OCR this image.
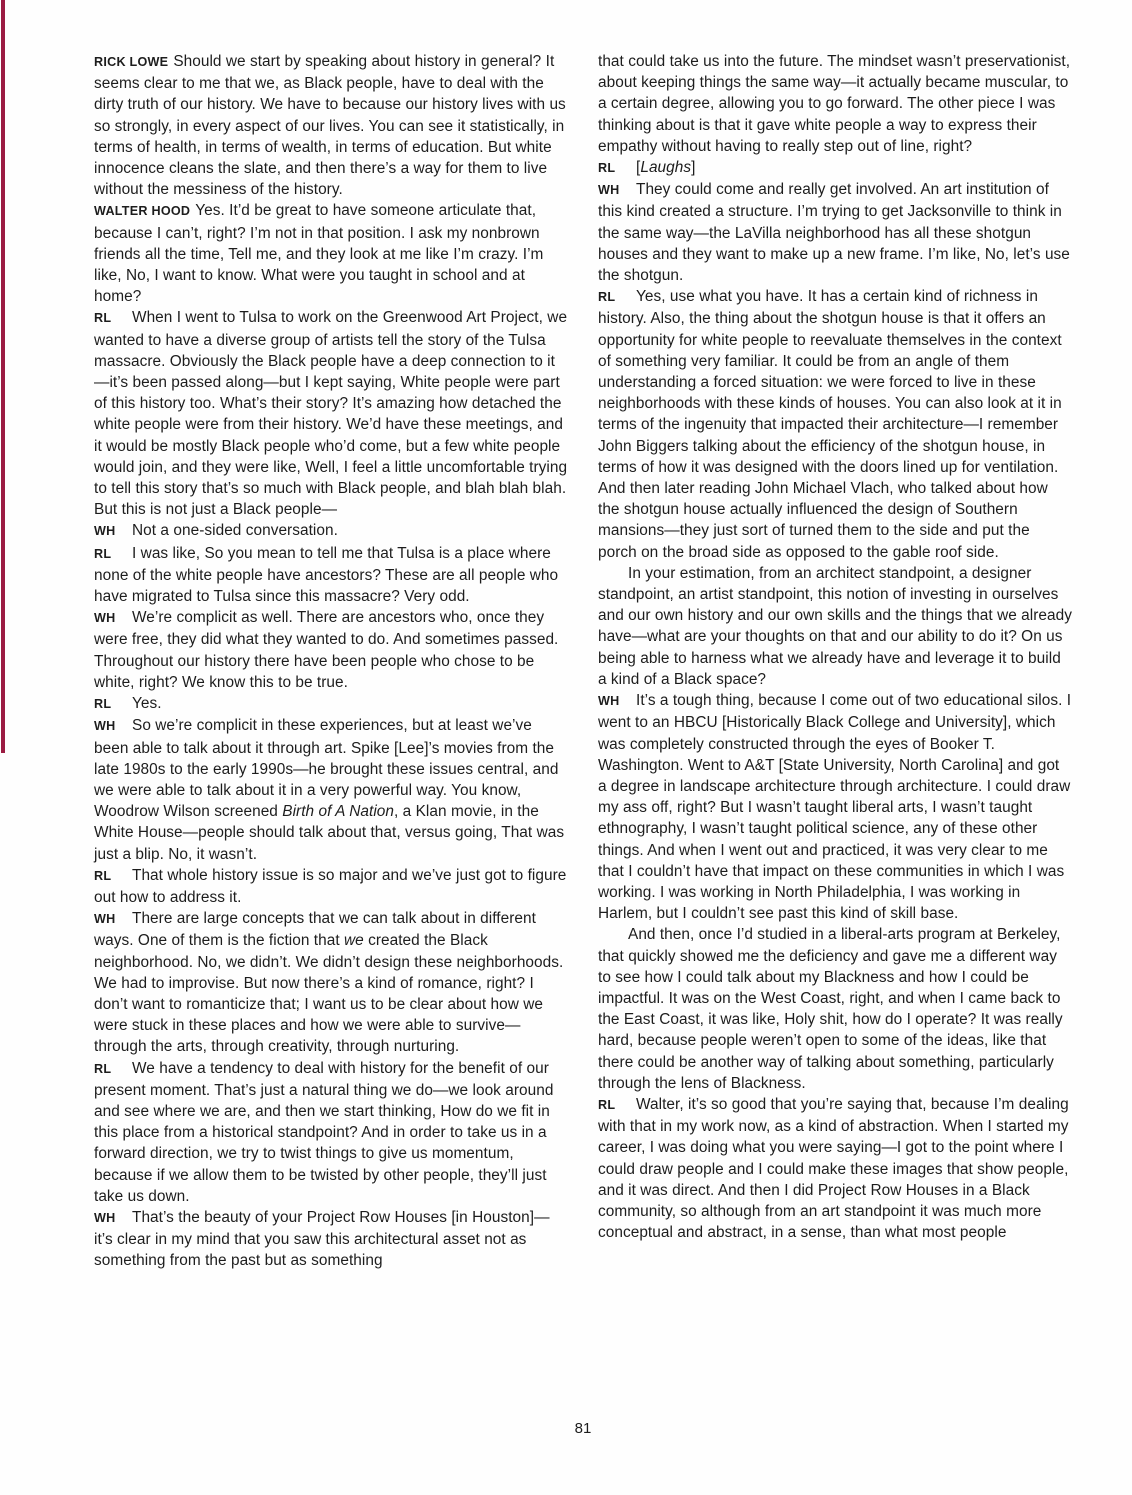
RICK LOWE Should we start by speaking about history in general? It seems clear to me that we, as Black people, have to deal with the dirty truth of our history. We have to because our history lives with us so strongly, in every aspect of our lives. You can see it statistically, in terms of health, in terms of wealth, in terms of education. But white innocence cleans the slate, and then there’s a way for them to live without the messiness of the history.

WALTER HOOD Yes. It’d be great to have someone articulate that, because I can’t, right? I’m not in that position. I ask my nonbrown friends all the time, Tell me, and they look at me like I’m crazy. I’m like, No, I want to know. What were you taught in school and at home?

RL When I went to Tulsa to work on the Greenwood Art Project, we wanted to have a diverse group of artists tell the story of the Tulsa massacre. Obviously the Black people have a deep connection to it—it’s been passed along—but I kept saying, White people were part of this history too. What’s their story? It’s amazing how detached the white people were from their history. We’d have these meetings, and it would be mostly Black people who’d come, but a few white people would join, and they were like, Well, I feel a little uncomfortable trying to tell this story that’s so much with Black people, and blah blah blah. But this is not just a Black people—

WH Not a one-sided conversation.

RL I was like, So you mean to tell me that Tulsa is a place where none of the white people have ancestors? These are all people who have migrated to Tulsa since this massacre? Very odd.

WH We’re complicit as well. There are ancestors who, once they were free, they did what they wanted to do. And sometimes passed. Throughout our history there have been people who chose to be white, right? We know this to be true.

RL Yes.

WH So we’re complicit in these experiences, but at least we’ve been able to talk about it through art. Spike [Lee]’s movies from the late 1980s to the early 1990s—he brought these issues central, and we were able to talk about it in a very powerful way. You know, Woodrow Wilson screened Birth of A Nation, a Klan movie, in the White House—people should talk about that, versus going, That was just a blip. No, it wasn’t.

RL That whole history issue is so major and we’ve just got to figure out how to address it.

WH There are large concepts that we can talk about in different ways. One of them is the fiction that we created the Black neighborhood. No, we didn’t. We didn’t design these neighborhoods. We had to improvise. But now there’s a kind of romance, right? I don’t want to romanticize that; I want us to be clear about how we were stuck in these places and how we were able to survive—through the arts, through creativity, through nurturing.

RL We have a tendency to deal with history for the benefit of our present moment. That’s just a natural thing we do—we look around and see where we are, and then we start thinking, How do we fit in this place from a historical standpoint? And in order to take us in a forward direction, we try to twist things to give us momentum, because if we allow them to be twisted by other people, they’ll just take us down.

WH That’s the beauty of your Project Row Houses [in Houston]—it’s clear in my mind that you saw this architectural asset not as something from the past but as something

that could take us into the future. The mindset wasn’t preservationist, about keeping things the same way—it actually became muscular, to a certain degree, allowing you to go forward. The other piece I was thinking about is that it gave white people a way to express their empathy without having to really step out of line, right?

RL [Laughs]

WH They could come and really get involved. An art institution of this kind created a structure. I’m trying to get Jacksonville to think in the same way—the LaVilla neighborhood has all these shotgun houses and they want to make up a new frame. I’m like, No, let’s use the shotgun.

RL Yes, use what you have. It has a certain kind of richness in history. Also, the thing about the shotgun house is that it offers an opportunity for white people to reevaluate themselves in the context of something very familiar. It could be from an angle of them understanding a forced situation: we were forced to live in these neighborhoods with these kinds of houses. You can also look at it in terms of the ingenuity that impacted their architecture—I remember John Biggers talking about the efficiency of the shotgun house, in terms of how it was designed with the doors lined up for ventilation. And then later reading John Michael Vlach, who talked about how the shotgun house actually influenced the design of Southern mansions—they just sort of turned them to the side and put the porch on the broad side as opposed to the gable roof side.

In your estimation, from an architect standpoint, a designer standpoint, an artist standpoint, this notion of investing in ourselves and our own history and our own skills and the things that we already have—what are your thoughts on that and our ability to do it? On us being able to harness what we already have and leverage it to build a kind of a Black space?

WH It’s a tough thing, because I come out of two educational silos. I went to an HBCU [Historically Black College and University], which was completely constructed through the eyes of Booker T. Washington. Went to A&T [State University, North Carolina] and got a degree in landscape architecture through architecture. I could draw my ass off, right? But I wasn’t taught liberal arts, I wasn’t taught ethnography, I wasn’t taught political science, any of these other things. And when I went out and practiced, it was very clear to me that I couldn’t have that impact on these communities in which I was working. I was working in North Philadelphia, I was working in Harlem, but I couldn’t see past this kind of skill base.

And then, once I’d studied in a liberal-arts program at Berkeley, that quickly showed me the deficiency and gave me a different way to see how I could talk about my Blackness and how I could be impactful. It was on the West Coast, right, and when I came back to the East Coast, it was like, Holy shit, how do I operate? It was really hard, because people weren’t open to some of the ideas, like that there could be another way of talking about something, particularly through the lens of Blackness.

RL Walter, it’s so good that you’re saying that, because I’m dealing with that in my work now, as a kind of abstraction. When I started my career, I was doing what you were saying—I got to the point where I could draw people and I could make these images that show people, and it was direct. And then I did Project Row Houses in a Black community, so although from an art standpoint it was much more conceptual and abstract, in a sense, than what most people

81
